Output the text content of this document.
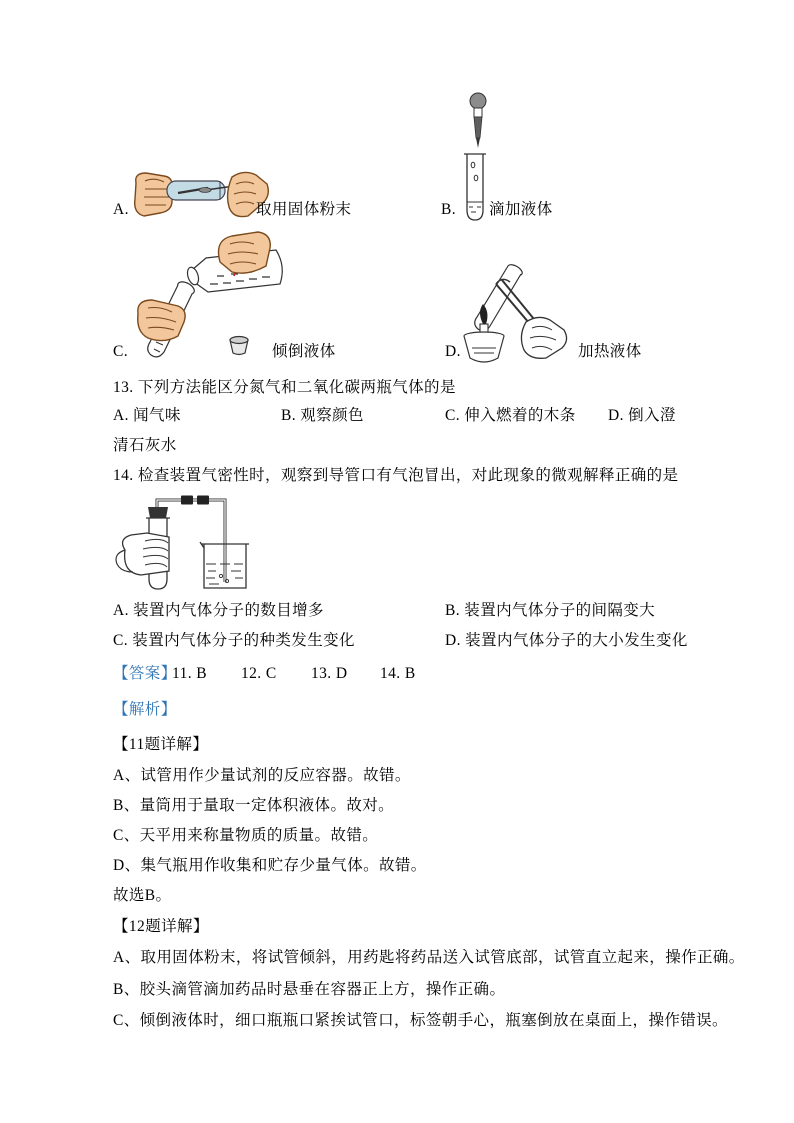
A.	取用固体粉末	B. 滴加液体
C.	倾倒液体	D.	加热液体
13. 下列方法能区分氮气和二氧化碳两瓶气体的是
A. 闻气味	B. 观察颜色	C. 伸入燃着的木条 D. 倒入澄
清石灰水
14. 检查装置气密性时，观察到导管口有气泡冒出，对此现象的微观解释正确的是
A. 装置内气体分子的数目增多	B. 装置内气体分子的间隔变大
C. 装置内气体分子的种类发生变化	D. 装置内气体分子的大小发生变化
【答案】
11. B 12. C 13. D 14. B
【解析】
【11题详解】
A、试管用作少量试剂的反应容器。故错。
B、量筒用于量取一定体积液体。故对。
C、天平用来称量物质的质量。故错。
D、集气瓶用作收集和贮存少量气体。故错。
故选B。
【12题详解】
A、取用固体粉末，将试管倾斜，用药匙将药品送入试管底部，试管直立起来，操作正确。
B、胶头滴管滴加药品时悬垂在容器正上方，操作正确。
C、倾倒液体时，细口瓶瓶口紧挨试管口，标签朝手心，瓶塞倒放在桌面上，操作错误。
